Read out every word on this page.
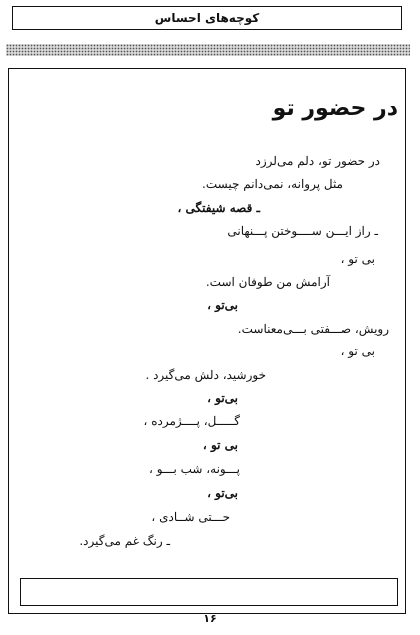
کوچه‌های احساس
در حضور تو
در حضور تو، دلم می‌لرزد
مثل پروانه، نمی‌دانم چیست.
ـ قصه شیفتگی ،
ـ راز ایـــن ســــوختن پـــنهانی
بی تو ،
آرامش من طوفان است.
بی‌تو ،
رویش، صـــفتی بـــی‌معناست.
بی تو ،
خورشید، دلش می‌گیرد .
بی‌تو ،
گـــــل، پــــژمرده ،
بی تو ،
پـــونه، شب بـــو ،
بی‌تو ،
حـــتی شــادی ،
ـ رنگ غم می‌گیرد.
۱۶
